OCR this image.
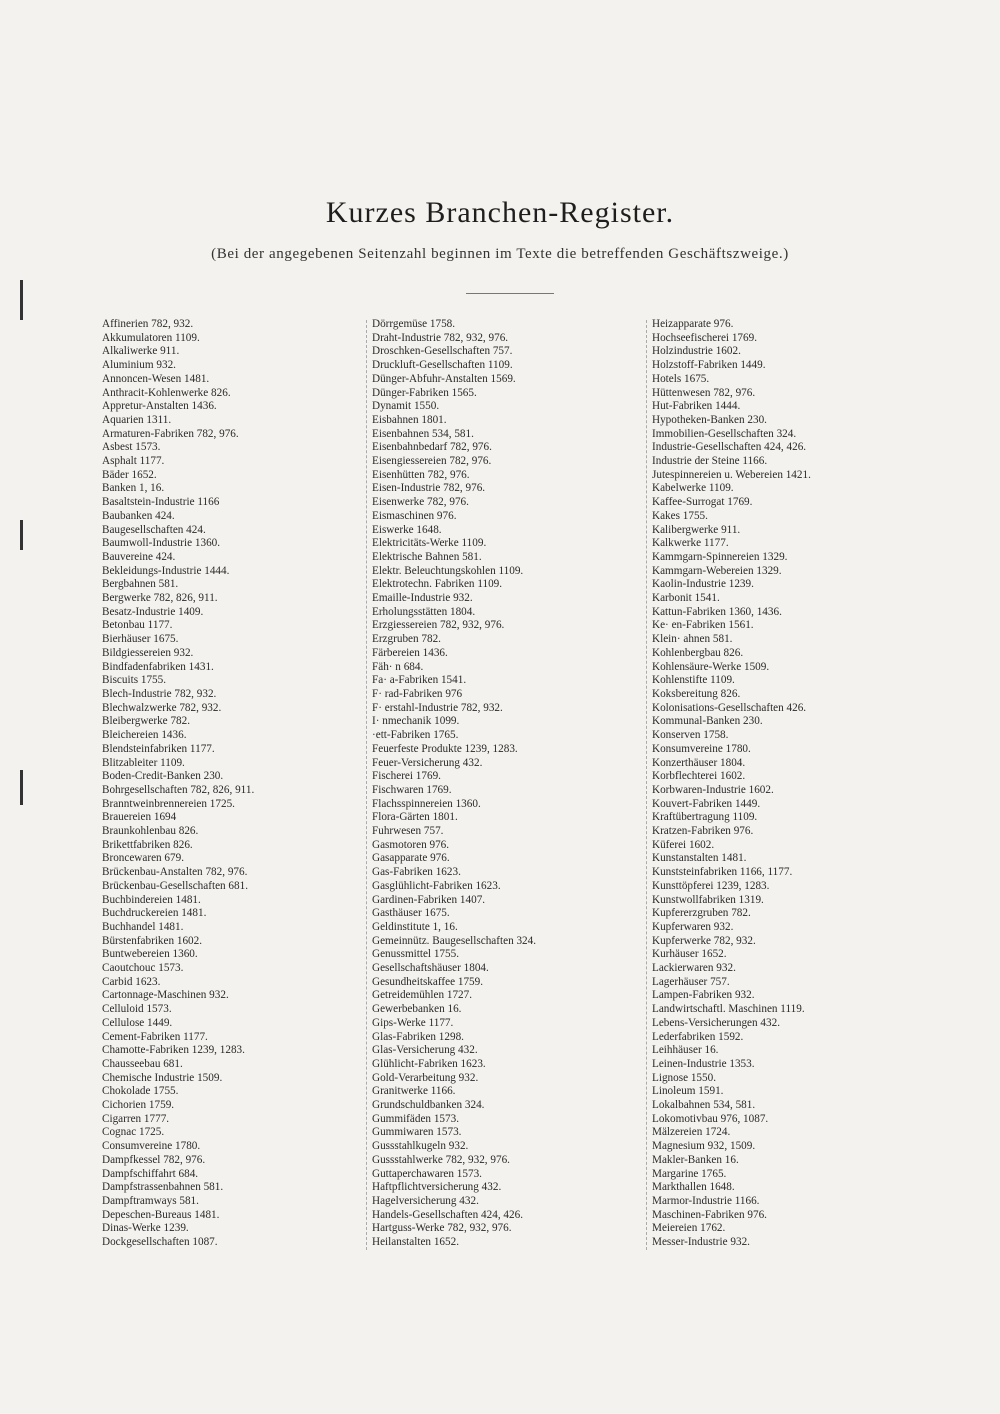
Kurzes Branchen-Register.
(Bei der angegebenen Seitenzahl beginnen im Texte die betreffenden Geschäftszweige.)
Affinerien 782, 932.
Akkumulatoren 1109.
Alkaliwerke 911.
Aluminium 932.
Annoncen-Wesen 1481.
Anthracit-Kohlenwerke 826.
Appretur-Anstalten 1436.
Aquarien 1311.
Armaturen-Fabriken 782, 976.
Asbest 1573.
Asphalt 1177.
Bäder 1652.
Banken 1, 16.
Basaltstein-Industrie 1166
Baubanken 424.
Baugesellschaften 424.
Baumwoll-Industrie 1360.
Bauvereine 424.
Bekleidungs-Industrie 1444.
Bergbahnen 581.
Bergwerke 782, 826, 911.
Besatz-Industrie 1409.
Betonbau 1177.
Bierhäuser 1675.
Bildgiessereien 932.
Bindfadenfabriken 1431.
Biscuits 1755.
Blech-Industrie 782, 932.
Blechwalzwerke 782, 932.
Bleibergwerke 782.
Bleichereien 1436.
Blendsteinfabriken 1177.
Blitzableiter 1109.
Boden-Credit-Banken 230.
Bohrgesellschaften 782, 826, 911.
Branntweinbrennereien 1725.
Brauereien 1694
Braunkohlenbau 826.
Brikettfabriken 826.
Broncewaren 679.
Brückenbau-Anstalten 782, 976.
Brückenbau-Gesellschaften 681.
Buchbindereien 1481.
Buchdruckereien 1481.
Buchhandel 1481.
Bürstenfabriken 1602.
Buntwebereien 1360.
Caoutchouc 1573.
Carbid 1623.
Cartonnage-Maschinen 932.
Celluloid 1573.
Cellulose 1449.
Cement-Fabriken 1177.
Chamotte-Fabriken 1239, 1283.
Chausseebau 681.
Chemische Industrie 1509.
Chokolade 1755.
Cichorien 1759.
Cigarren 1777.
Cognac 1725.
Consumvereine 1780.
Dampfkessel 782, 976.
Dampfschiffahrt 684.
Dampfstrassenbahnen 581.
Dampftramways 581.
Depeschen-Bureaus 1481.
Dinas-Werke 1239.
Dockgesellschaften 1087.
Dörrgemüse 1758.
Draht-Industrie 782, 932, 976.
Droschken-Gesellschaften 757.
Druckluft-Gesellschaften 1109.
Dünger-Abfuhr-Anstalten 1569.
Dünger-Fabriken 1565.
Dynamit 1550.
Eisbahnen 1801.
Eisenbahnen 534, 581.
Eisenbahnbedarf 782, 976.
Eisengiessereien 782, 976.
Eisenhütten 782, 976.
Eisen-Industrie 782, 976.
Eisenwerke 782, 976.
Eismaschinen 976.
Eiswerke 1648.
Elektricitäts-Werke 1109.
Elektrische Bahnen 581.
Elektr. Beleuchtungskohlen 1109.
Elektrotechn. Fabriken 1109.
Emaille-Industrie 932.
Erholungsstätten 1804.
Erzgiessereien 782, 932, 976.
Erzgruben 782.
Färbereien 1436.
Fäh· n 684.
Fa· a-Fabriken 1541.
F· rad-Fabriken 976
F· erstahl-Industrie 782, 932.
I· nmechanik 1099.
·ett-Fabriken 1765.
Feuerfeste Produkte 1239, 1283.
Feuer-Versicherung 432.
Fischerei 1769.
Fischwaren 1769.
Flachsspinnereien 1360.
Flora-Gärten 1801.
Fuhrwesen 757.
Gasmotoren 976.
Gasapparate 976.
Gas-Fabriken 1623.
Gasglühlicht-Fabriken 1623.
Gardinen-Fabriken 1407.
Gasthäuser 1675.
Geldinstitute 1, 16.
Gemeinnütz. Baugesellschaften 324.
Genussmittel 1755.
Gesellschaftshäuser 1804.
Gesundheitskaffee 1759.
Getreidemühlen 1727.
Gewerbebanken 16.
Gips-Werke 1177.
Glas-Fabriken 1298.
Glas-Versicherung 432.
Glühlicht-Fabriken 1623.
Gold-Verarbeitung 932.
Granitwerke 1166.
Grundschuldbanken 324.
Gummifäden 1573.
Gummiwaren 1573.
Gussstahlkugeln 932.
Gussstahlwerke 782, 932, 976.
Guttaperchawaren 1573.
Haftpflichtversicherung 432.
Hagelversicherung 432.
Handels-Gesellschaften 424, 426.
Hartguss-Werke 782, 932, 976.
Heilanstalten 1652.
Heizapparate 976.
Hochseefischerei 1769.
Holzindustrie 1602.
Holzstoff-Fabriken 1449.
Hotels 1675.
Hüttenwesen 782, 976.
Hut-Fabriken 1444.
Hypotheken-Banken 230.
Immobilien-Gesellschaften 324.
Industrie-Gesellschaften 424, 426.
Industrie der Steine 1166.
Jutespinnereien u. Webereien 1421.
Kabelwerke 1109.
Kaffee-Surrogat 1769.
Kakes 1755.
Kalibergwerke 911.
Kalkwerke 1177.
Kammgarn-Spinnereien 1329.
Kammgarn-Webereien 1329.
Kaolin-Industrie 1239.
Karbonit 1541.
Kattun-Fabriken 1360, 1436.
Ke· en-Fabriken 1561.
Klein· ahnen 581.
Kohlenbergbau 826.
Kohlensäure-Werke 1509.
Kohlenstifte 1109.
Koksbereitung 826.
Kolonisations-Gesellschaften 426.
Kommunal-Banken 230.
Konserven 1758.
Konsumvereine 1780.
Konzerthäuser 1804.
Korbflechterei 1602.
Korbwaren-Industrie 1602.
Kouvert-Fabriken 1449.
Kraftübertragung 1109.
Kratzen-Fabriken 976.
Küferei 1602.
Kunstanstalten 1481.
Kunststeinfabriken 1166, 1177.
Kunsttöpferei 1239, 1283.
Kunstwollfabriken 1319.
Kupfererzgruben 782.
Kupferwaren 932.
Kupferwerke 782, 932.
Kurhäuser 1652.
Lackierwaren 932.
Lagerhäuser 757.
Lampen-Fabriken 932.
Landwirtschaftl. Maschinen 1119.
Lebens-Versicherungen 432.
Lederfabriken 1592.
Leihhäuser 16.
Leinen-Industrie 1353.
Lignose 1550.
Linoleum 1591.
Lokalbahnen 534, 581.
Lokomotivbau 976, 1087.
Mälzereien 1724.
Magnesium 932, 1509.
Makler-Banken 16.
Margarine 1765.
Markthallen 1648.
Marmor-Industrie 1166.
Maschinen-Fabriken 976.
Meiereien 1762.
Messer-Industrie 932.
